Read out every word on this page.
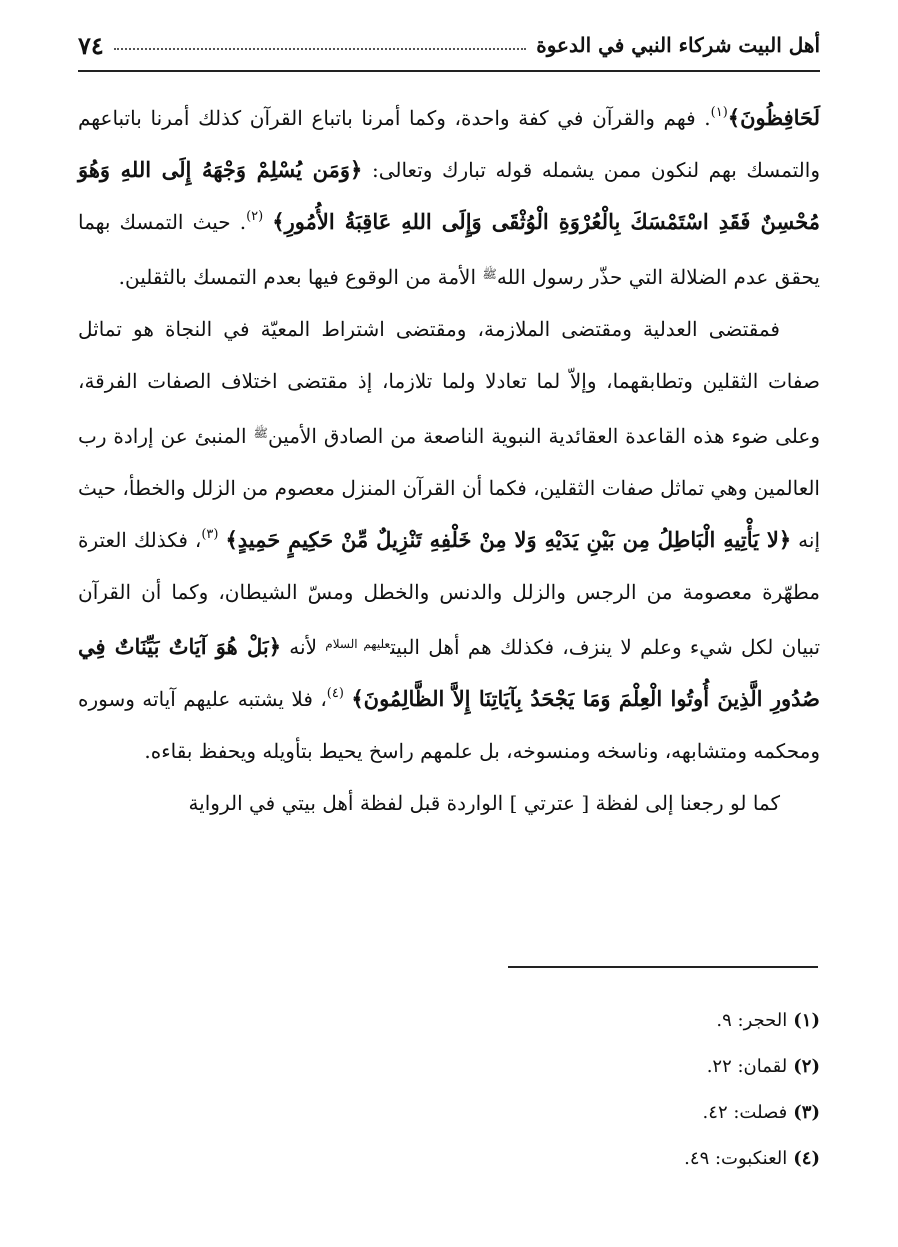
أهل البيت شركاء النبي في الدعوة
٧٤

لَحَافِظُونَ﴾$^{(١)}$. فهم والقرآن في كفة واحدة، وكما أمرنا باتباع القرآن كذلك أمرنا باتباعهم والتمسك بهم لنكون ممن يشمله قوله تبارك وتعالى: ﴿وَمَن يُسْلِمْ وَجْهَهُ إِلَى اللهِ وَهُوَ مُحْسِنٌ فَقَدِ اسْتَمْسَكَ بِالْعُرْوَةِ الْوُثْقَى وَإِلَى اللهِ عَاقِبَةُ الأُمُورِ﴾ $^{(٢)}$. حيث التمسك بهما يحقق عدم الضلالة التي حذّر رسول الله$^ﷺ$ الأمة من الوقوع فيها بعدم التمسك بالثقلين.

فمقتضى العدلية ومقتضى الملازمة، ومقتضى اشتراط المعيّة في النجاة هو تماثل صفات الثقلين وتطابقهما، وإلاّ لما تعادلا ولما تلازما، إذ مقتضى اختلاف الصفات الفرقة، وعلى ضوء هذه القاعدة العقائدية النبوية الناصعة من الصادق الأمين$^ﷺ$ المنبئ عن إرادة رب العالمين وهي تماثل صفات الثقلين، فكما أن القرآن المنزل معصوم من الزلل والخطأ، حيث إنه ﴿لا يَأْتِيهِ الْبَاطِلُ مِن بَيْنِ يَدَيْهِ وَلا مِنْ خَلْفِهِ تَنْزِيلٌ مِّنْ حَكِيمٍ حَمِيدٍ﴾ $^{(٣)}$، فكذلك العترة مطهّرة معصومة من الرجس والزلل والدنس والخطل ومسّ الشيطان، وكما أن القرآن تبيان لكل شيء وعلم لا ينزف، فكذلك هم أهل البيت$^{عليهم السلام}$ لأنه ﴿بَلْ هُوَ آيَاتٌ بَيِّنَاتٌ فِي صُدُورِ الَّذِينَ أُوتُوا الْعِلْمَ وَمَا يَجْحَدُ بِآيَاتِنَا إِلاَّ الظَّالِمُونَ﴾ $^{(٤)}$، فلا يشتبه عليهم آياته وسوره ومحكمه ومتشابهه، وناسخه ومنسوخه، بل علمهم راسخ يحيط بتأويله ويحفظ بقاءه.

كما لو رجعنا إلى لفظة [ عترتي ] الواردة قبل لفظة أهل بيتي في الرواية

(١)الحجر: ٩.
(٢)لقمان: ٢٢.
(٣)فصلت: ٤٢.
(٤)العنكبوت: ٤٩.
